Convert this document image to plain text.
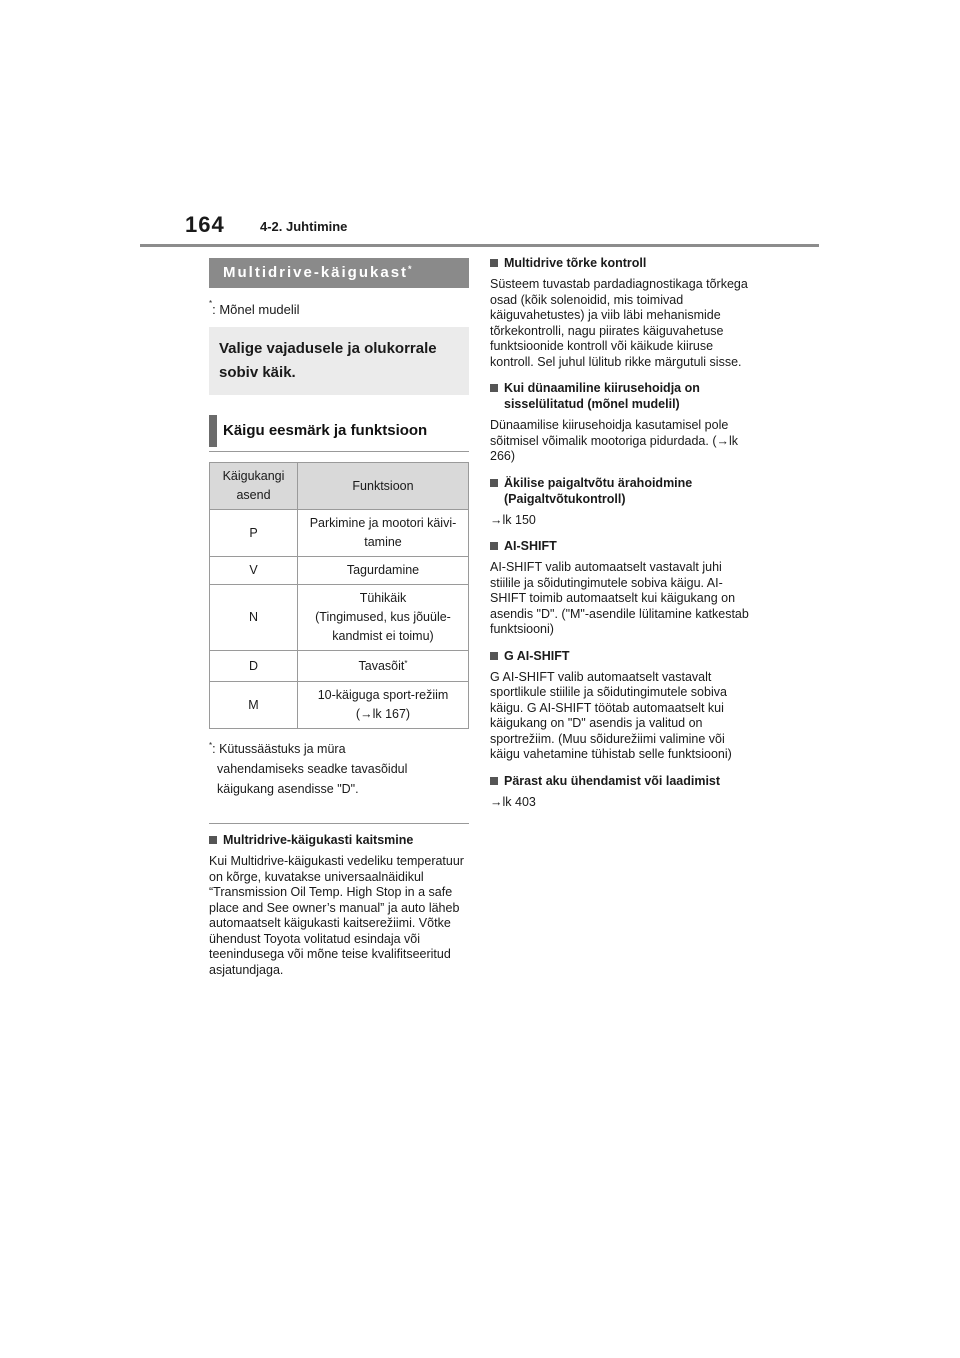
164	4-2. Juhtimine
Multidrive-käigukast*
*: Mõnel mudelil
Valige vajadusele ja olukorrale
sobiv käik.
Käigu eesmärk ja funktsioon
Käigukangi
asend	Funktsioon
P	Parkimine ja mootori käivi-
tamine

V	Tagurdamine
N	Tühikäik
(Tingimused, kus jõuüle-
kandmist ei toimu)

D	Tavasõit*
M	10-käiguga sport-režiim
(→lk 167)
*: Kütussäästuks ja müra
vahendamiseks seadke tavasõidul
käigukang asendisse "D".
Multridrive-käigukasti kaitsmine
Kui Multidrive-käigukasti vedeliku temperatuur on kõrge, kuvatakse universaalnäidikul “Transmission Oil Temp. High Stop in a safe place and See owner’s manual” ja auto läheb automaatselt käigukasti kaitserežiimi. Võtke ühendust Toyota volitatud esindaja või teenindusega või mõne teise kvalifitseeritud asjatundjaga.
Multidrive tõrke kontroll
Süsteem tuvastab pardadiagnostikaga tõrkega osad (kõik solenoidid, mis toimivad käiguvahetustes) ja viib läbi mehanismide tõrkekontrolli, nagu piirates käiguvahetuse funktsioonide kontroll või käikude kiiruse kontroll. Sel juhul lülitub rikke märgutuli sisse.
Kui dünaamiline kiirusehoidja on sisselülitatud (mõnel mudelil)
Dünaamilise kiirusehoidja kasutamisel pole sõitmisel võimalik mootoriga pidurdada. (→lk 266)
Äkilise paigaltvõtu ärahoidmine (Paigaltvõtukontroll)
→lk 150
AI-SHIFT
AI-SHIFT valib automaatselt vastavalt juhi stiilile ja sõidutingimutele sobiva käigu. AI-SHIFT toimib automaatselt kui käigukang on asendis "D". ("M"-asendile lülitamine katkestab funktsiooni)
G AI-SHIFT
G AI-SHIFT valib automaatselt vastavalt sportlikule stiilile ja sõidutingimutele sobiva käigu. G AI-SHIFT töötab automaatselt kui käigukang on "D" asendis ja valitud on sportrežiim. (Muu sõidurežiimi valimine või käigu vahetamine tühistab selle funktsiooni)
Pärast aku ühendamist või laadimist
→lk 403
